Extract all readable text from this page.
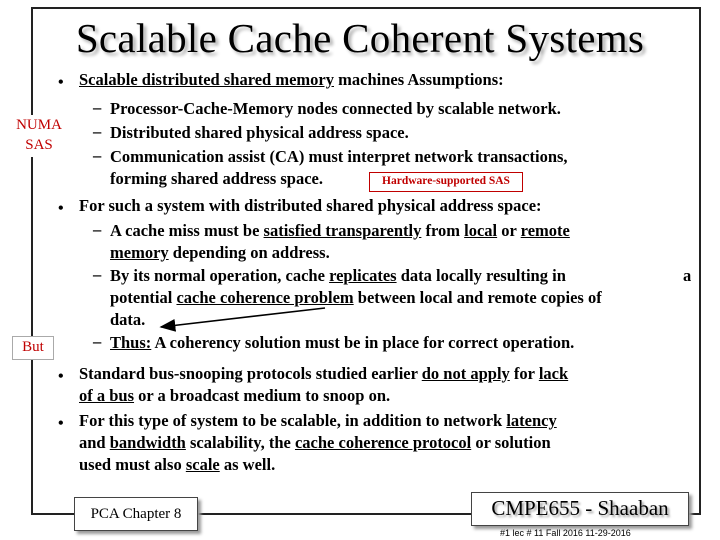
Scalable Cache Coherent Systems
• Scalable distributed shared memory machines Assumptions:
NUMA
SAS
– Processor-Cache-Memory nodes connected by scalable network.
– Distributed shared physical address space.
– Communication assist (CA) must interpret network transactions,
forming shared address space.	Hardware-supported SAS
• For such a system with distributed shared physical address space:
– A cache miss must be satisfied transparently from local or remote
memory depending on address.
– By its normal operation, cache replicates data locally resulting in	a
potential cache coherence problem between local and remote copies of
data.
But	– Thus: A coherency solution must be in place for correct operation.
• Standard bus-snooping protocols studied earlier do not apply for lack
of a bus or a broadcast medium to snoop on.
• For this type of system to be scalable, in addition to network latency
and bandwidth scalability, the cache coherence protocol or solution
used must also scale as well.
PCA Chapter 8	CMPE655 - Shaaban
#1 lec # 11 Fall 2016 11-29-2016
